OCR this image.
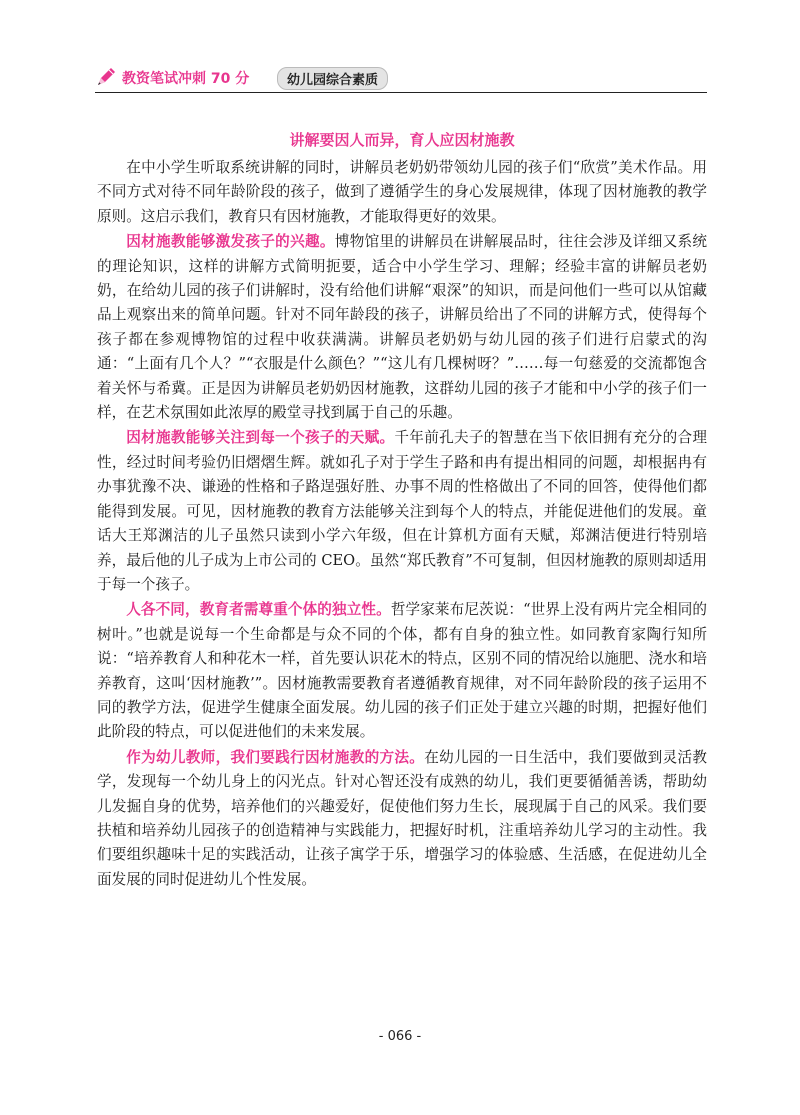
教资笔试冲刺 70 分	幼儿园综合素质
讲解要因人而异，育人应因材施教

在中小学生听取系统讲解的同时，讲解员老奶奶带领幼儿园的孩子们“欣赏”美术作品。用不同方式对待不同年龄阶段的孩子，做到了遵循学生的身心发展规律，体现了因材施教的教学原则。这启示我们，教育只有因材施教，才能取得更好的效果。

因材施教能够激发孩子的兴趣。博物馆里的讲解员在讲解展品时，往往会涉及详细又系统的理论知识，这样的讲解方式简明扼要，适合中小学生学习、理解；经验丰富的讲解员老奶奶，在给幼儿园的孩子们讲解时，没有给他们讲解“艰深”的知识，而是问他们一些可以从馆藏品上观察出来的简单问题。针对不同年龄段的孩子，讲解员给出了不同的讲解方式，使得每个孩子都在参观博物馆的过程中收获满满。讲解员老奶奶与幼儿园的孩子们进行启蒙式的沟通：“上面有几个人？”“衣服是什么颜色？”“这儿有几棵树呀？”……每一句慈爱的交流都饱含着关怀与希冀。正是因为讲解员老奶奶因材施教，这群幼儿园的孩子才能和中小学的孩子们一样，在艺术氛围如此浓厚的殿堂寻找到属于自己的乐趣。

因材施教能够关注到每一个孩子的天赋。千年前孔夫子的智慧在当下依旧拥有充分的合理性，经过时间考验仍旧熠熠生辉。就如孔子对于学生子路和冉有提出相同的问题，却根据冉有办事犹豫不决、谦逊的性格和子路逞强好胜、办事不周的性格做出了不同的回答，使得他们都能得到发展。可见，因材施教的教育方法能够关注到每个人的特点，并能促进他们的发展。童话大王郑渊洁的儿子虽然只读到小学六年级，但在计算机方面有天赋，郑渊洁便进行特别培养，最后他的儿子成为上市公司的 CEO。虽然“郑氏教育”不可复制，但因材施教的原则却适用于每一个孩子。

人各不同，教育者需尊重个体的独立性。哲学家莱布尼茨说：“世界上没有两片完全相同的树叶。”也就是说每一个生命都是与众不同的个体，都有自身的独立性。如同教育家陶行知所说：“培养教育人和种花木一样，首先要认识花木的特点，区别不同的情况给以施肥、浇水和培养教育，这叫‘因材施教’”。因材施教需要教育者遵循教育规律，对不同年龄阶段的孩子运用不同的教学方法，促进学生健康全面发展。幼儿园的孩子们正处于建立兴趣的时期，把握好他们此阶段的特点，可以促进他们的未来发展。

作为幼儿教师，我们要践行因材施教的方法。在幼儿园的一日生活中，我们要做到灵活教学，发现每一个幼儿身上的闪光点。针对心智还没有成熟的幼儿，我们更要循循善诱，帮助幼儿发掘自身的优势，培养他们的兴趣爱好，促使他们努力生长，展现属于自己的风采。我们要扶植和培养幼儿园孩子的创造精神与实践能力，把握好时机，注重培养幼儿学习的主动性。我们要组织趣味十足的实践活动，让孩子寓学于乐，增强学习的体验感、生活感，在促进幼儿全面发展的同时促进幼儿个性发展。

- 066 -
